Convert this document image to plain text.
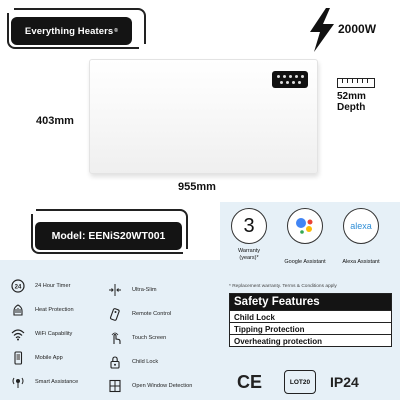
Everything Heaters ®	2000W
403mm
955mm
52mm
Depth
Model: EENiS20WT001	3
Warranty
(years)*
Google Assistant
alexa
Alexa Assistant
* Replacement warranty. Terms & Conditions apply
Safety Features
Child Lock
Tipping Protection
Overheating protection
CE	LOT20	IP24
24 24 Hour Timer
Heat Protection
WiFi Capability
Mobile App
Smart Assistance
Ultra-Slim
Remote Control
Touch Screen
Child Lock
Open Window Detection
